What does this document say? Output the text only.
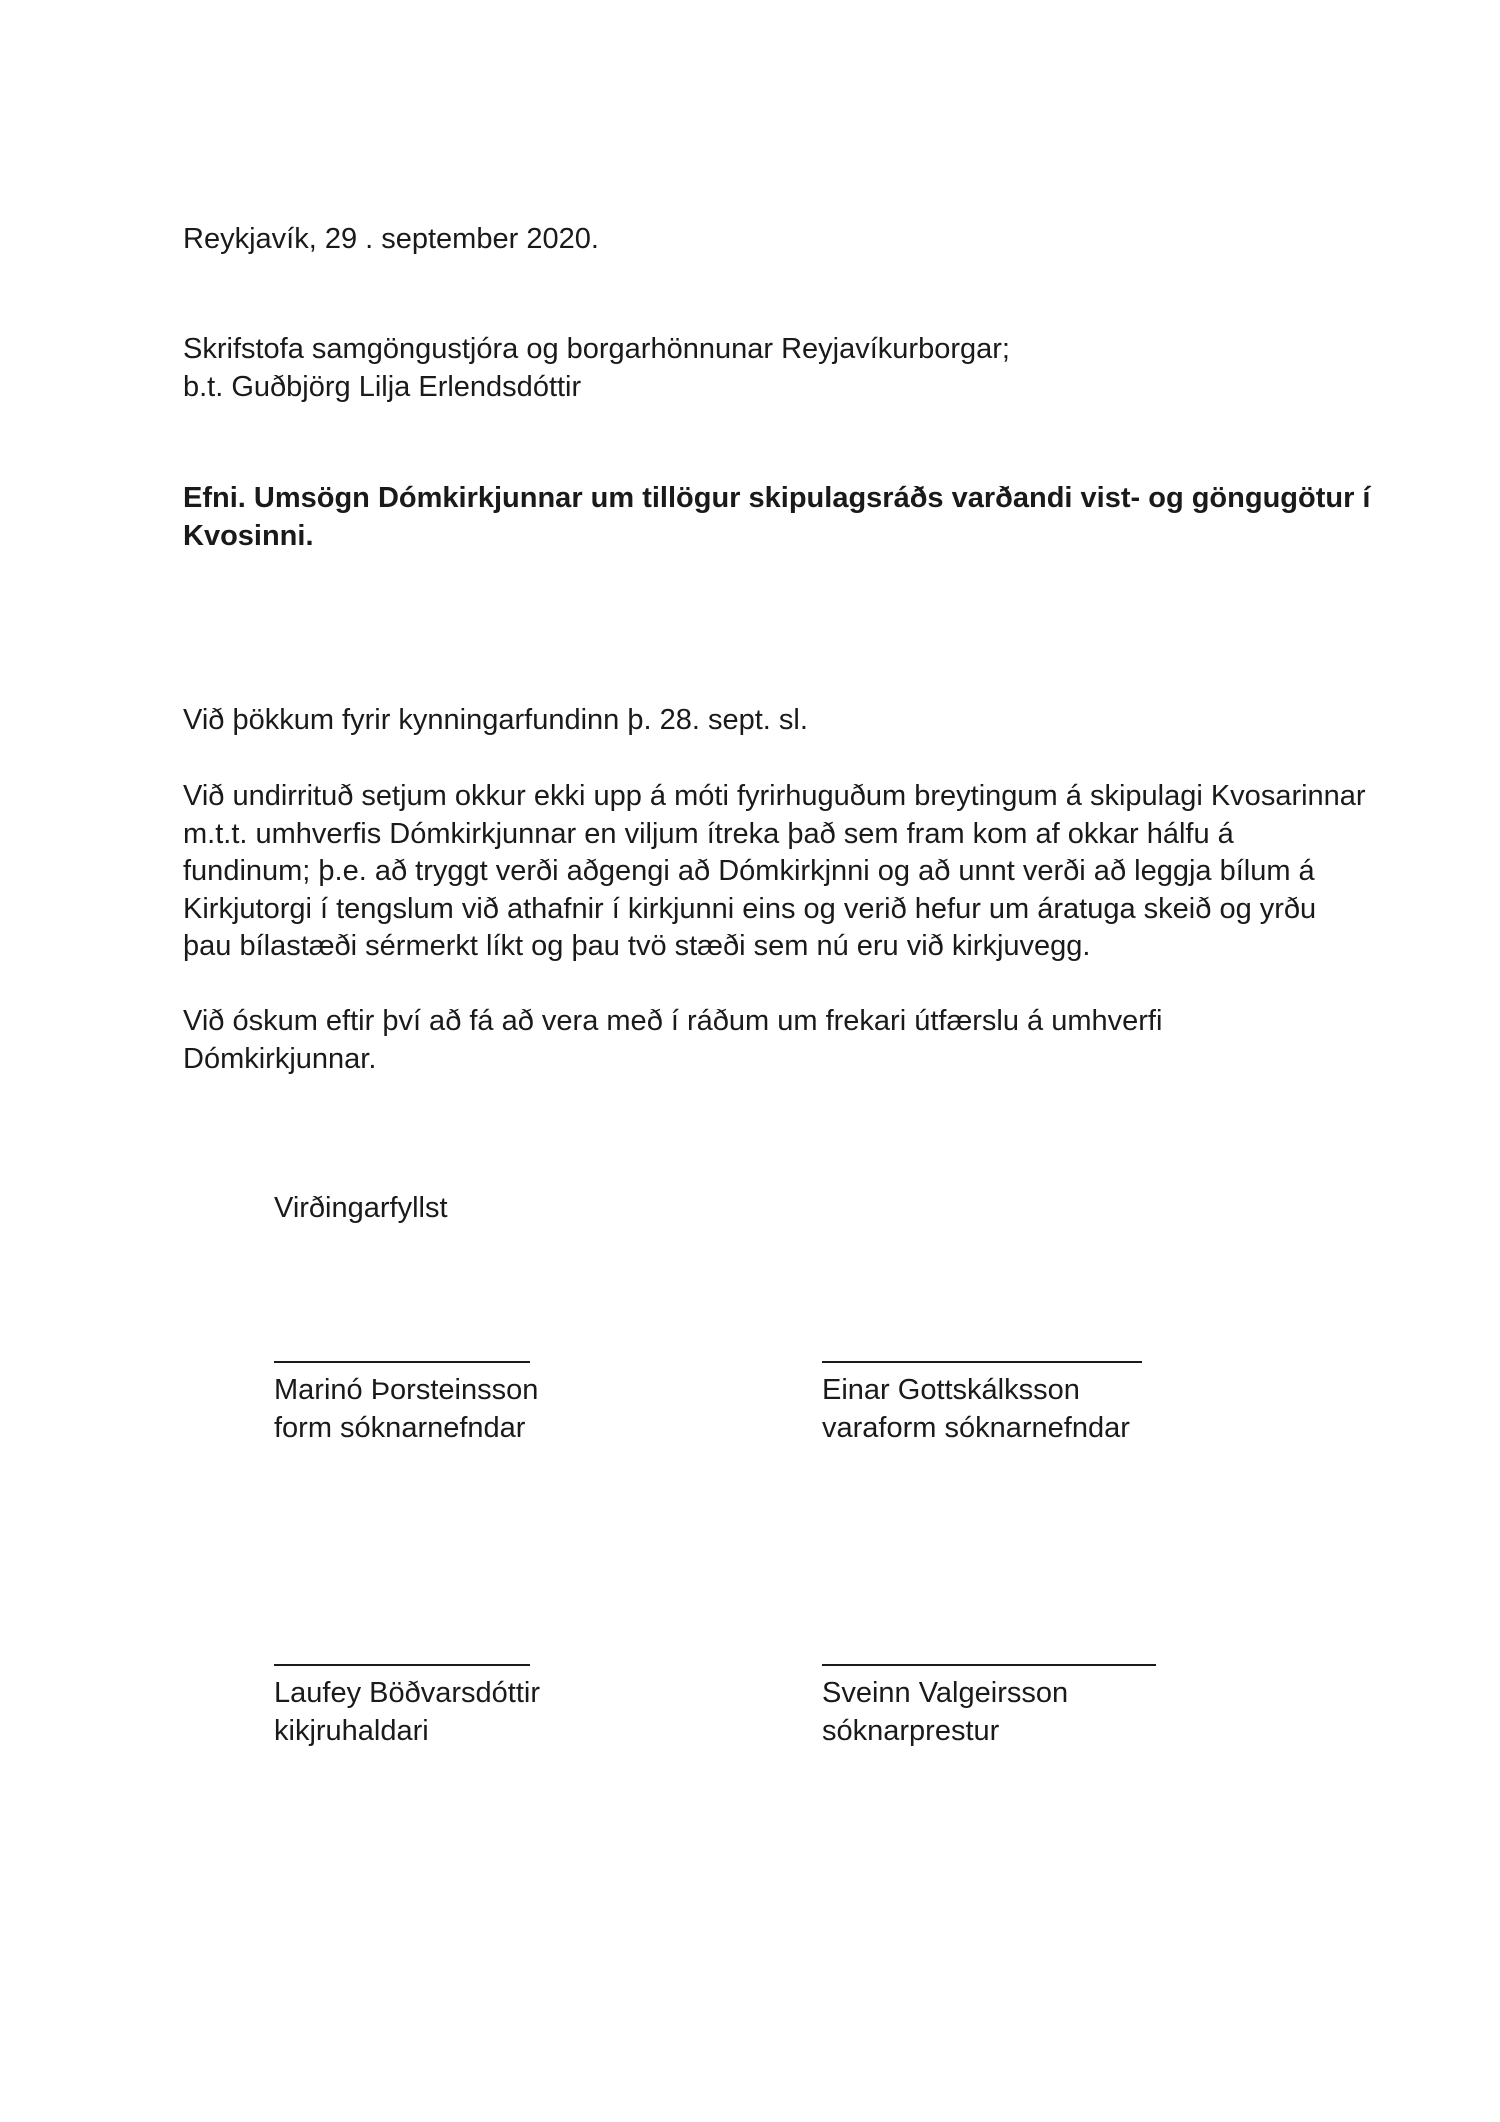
Reykjavík, 29 . september 2020.

Skrifstofa samgöngustjóra og borgarhönnunar Reyjavíkurborgar;

b.t. Guðbjörg Lilja Erlendsdóttir

Efni. Umsögn Dómkirkjunnar um tillögur skipulagsráðs varðandi vist- og göngugötur í

Kvosinni.

Við þökkum fyrir kynningarfundinn þ. 28. sept. sl.

Við undirrituð setjum okkur ekki upp á móti fyrirhuguðum breytingum á skipulagi Kvosarinnar

m.t.t. umhverfis Dómkirkjunnar en viljum ítreka það sem fram kom af okkar hálfu á

fundinum; þ.e. að tryggt verði aðgengi að Dómkirkjnni og að unnt verði að leggja bílum á

Kirkjutorgi í tengslum við athafnir í kirkjunni eins og verið hefur um áratuga skeið og yrðu

þau bílastæði sérmerkt líkt og þau tvö stæði sem nú eru við kirkjuvegg.

Við óskum eftir því að fá að vera með í ráðum um frekari útfærslu á umhverfi

Dómkirkjunnar.

Virðingarfyllst

Marinó Þorsteinsson

form sóknarnefndar

Einar Gottskálksson

varaform sóknarnefndar

Laufey Böðvarsdóttir

kikjruhaldari

Sveinn Valgeirsson

sóknarprestur
